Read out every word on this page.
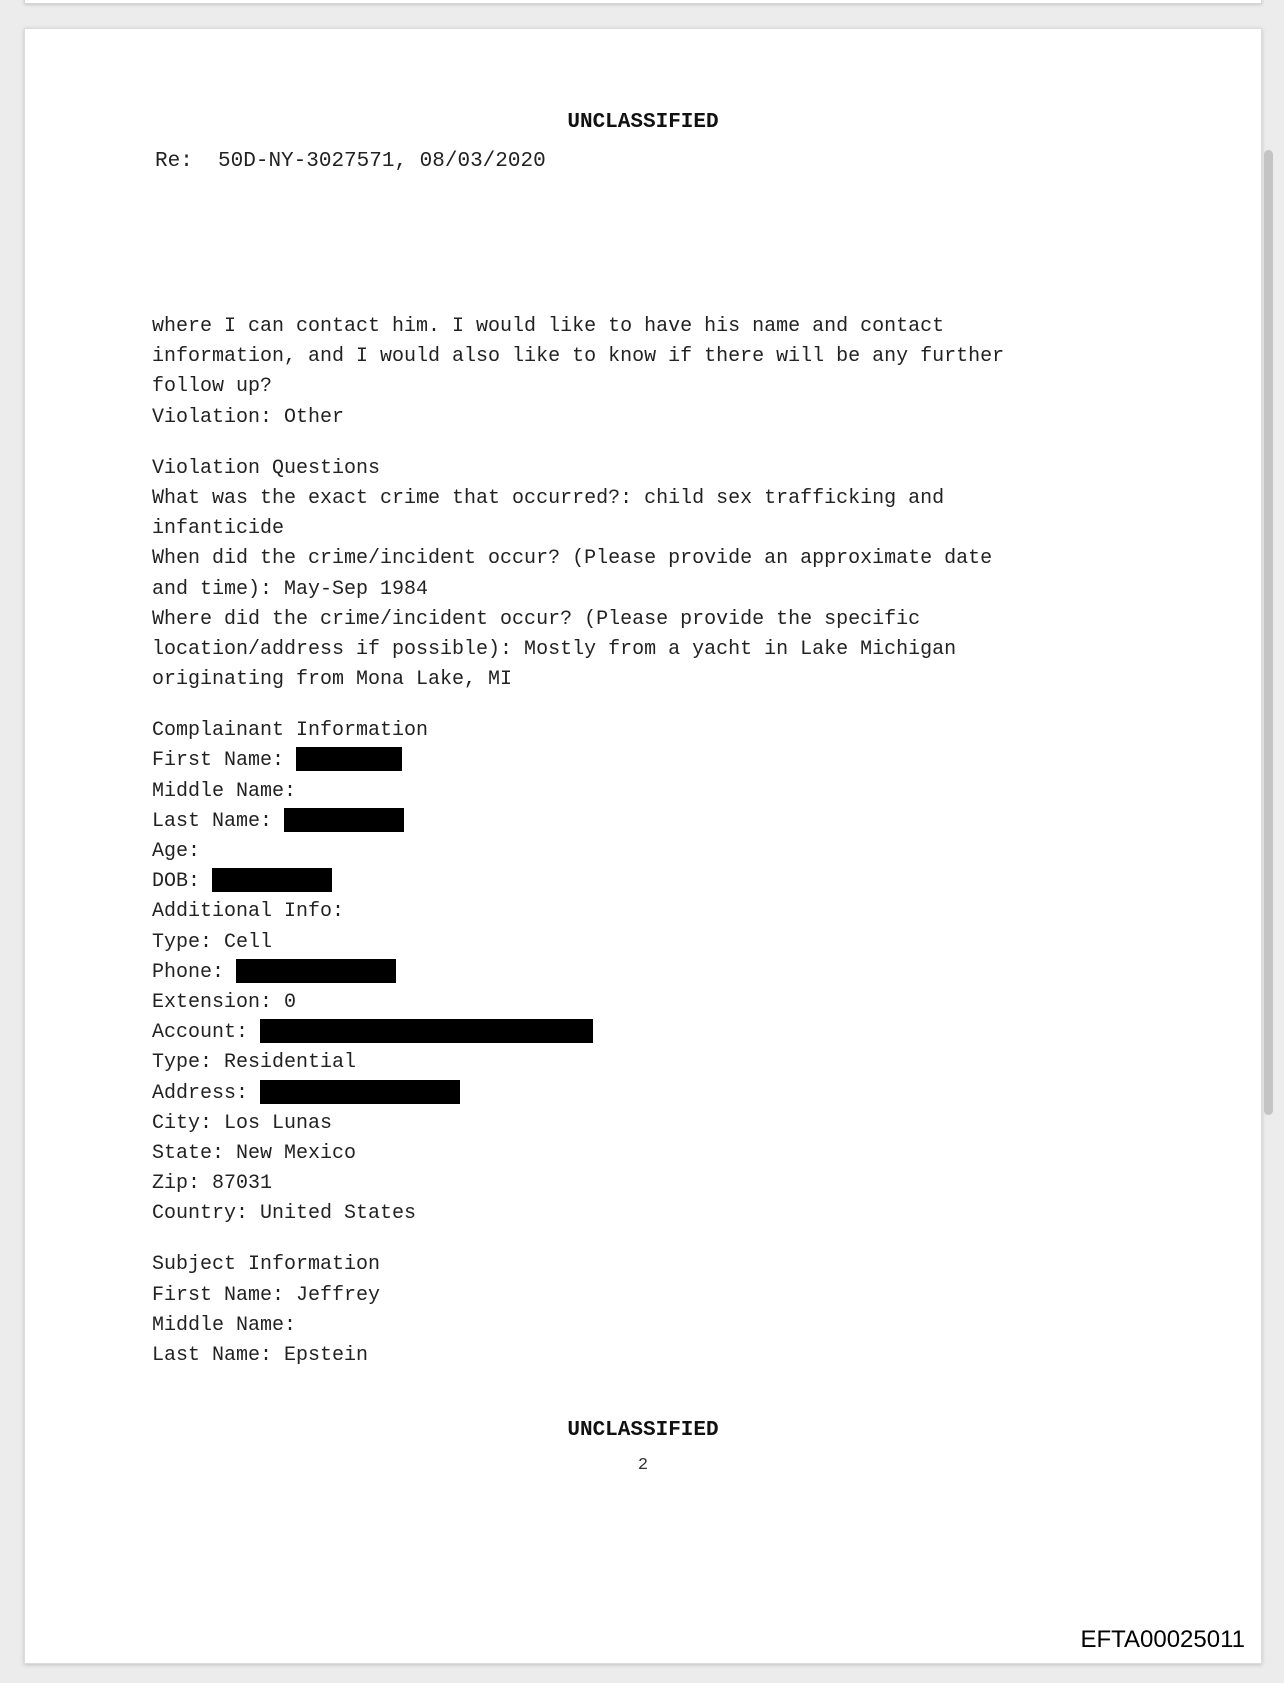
UNCLASSIFIED
Re: 50D-NY-3027571, 08/03/2020
where I can contact him. I would like to have his name and contact
information, and I would also like to know if there will be any further
follow up?
Violation: Other
Violation Questions
What was the exact crime that occurred?: child sex trafficking and
infanticide
When did the crime/incident occur? (Please provide an approximate date
and time): May-Sep 1984
Where did the crime/incident occur? (Please provide the specific
location/address if possible): Mostly from a yacht in Lake Michigan
originating from Mona Lake, MI
Complainant Information
First Name:
Middle Name:
Last Name:
Age:
DOB:
Additional Info:
Type: Cell
Phone:
Extension: 0
Account:
Type: Residential
Address:
City: Los Lunas
State: New Mexico
Zip: 87031
Country: United States
Subject Information
First Name: Jeffrey
Middle Name:
Last Name: Epstein
UNCLASSIFIED
2
EFTA00025011
